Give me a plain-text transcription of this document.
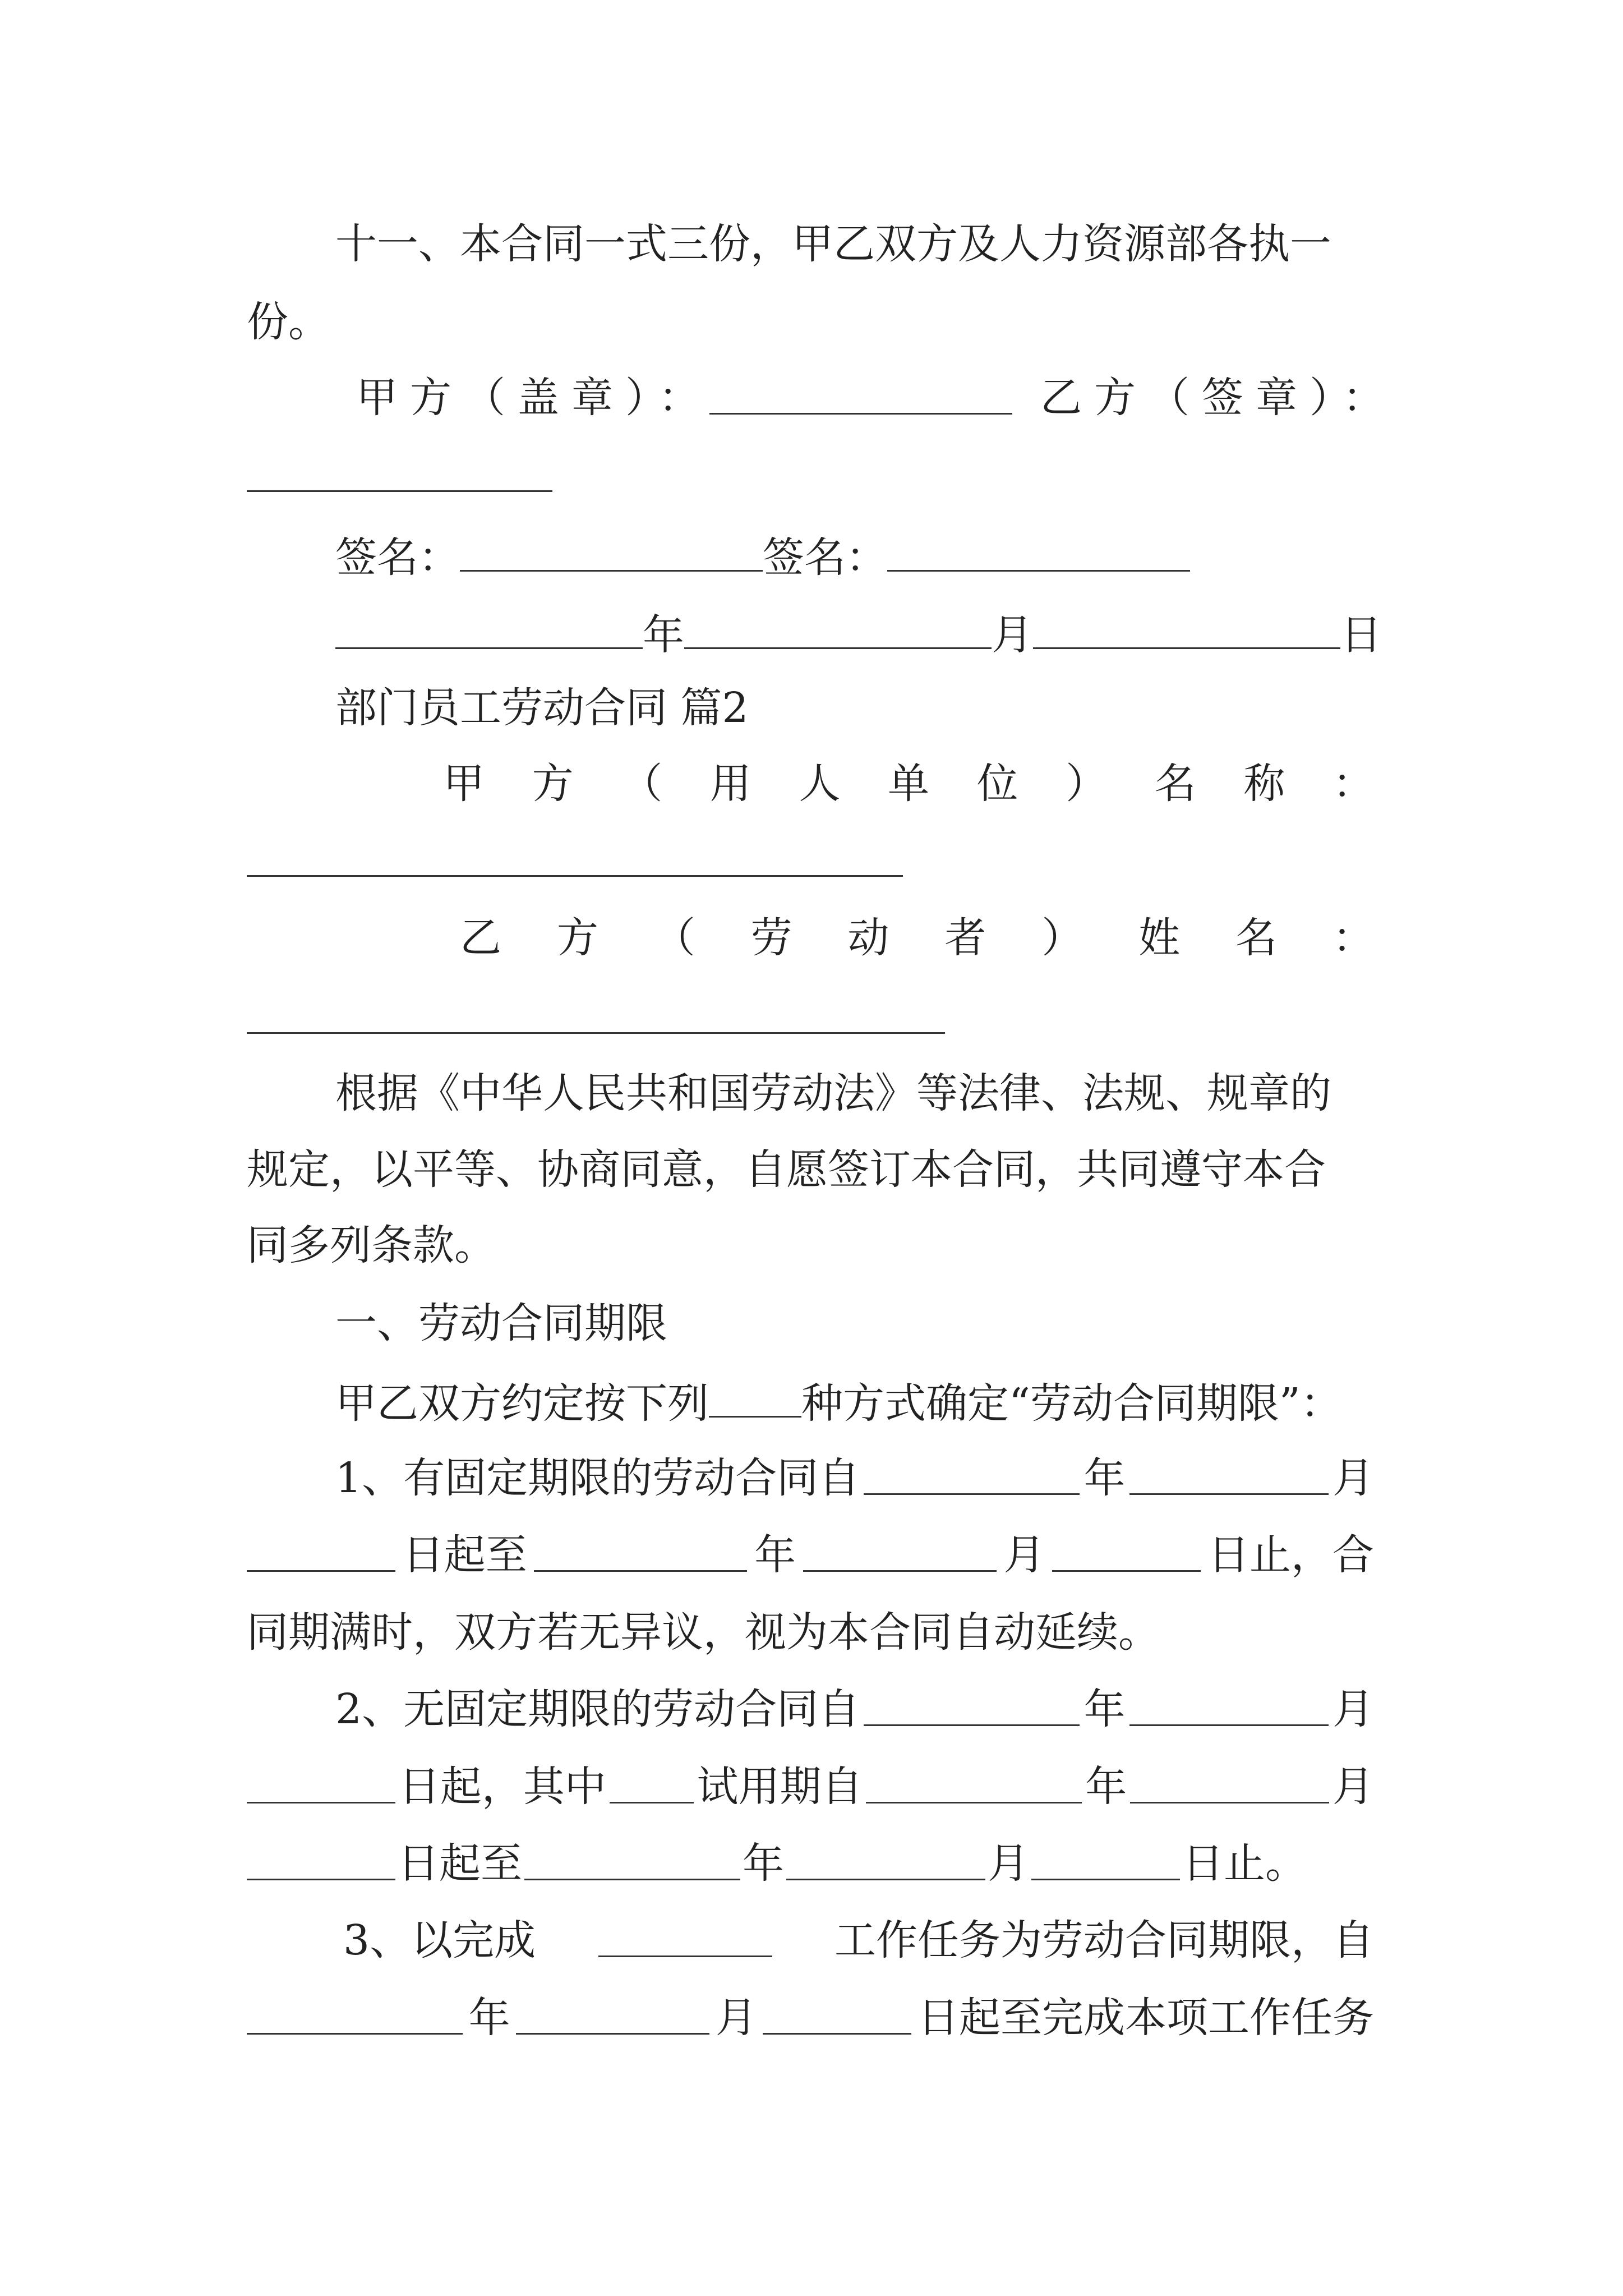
十一、本合同一式三份，甲乙双方及人力资源部各执一
份。
甲方（盖章）：	乙方（签章）：
签名：	签名：
年	月	日
部门员工劳动合同 篇2
甲 方 （ 用 人 单 位 ） 名 称 ：
乙 方 （ 劳 动 者 ） 姓 名 ：
根据《中华人民共和国劳动法》等法律、法规、规章的
规定，以平等、协商同意，自愿签订本合同，共同遵守本合
同多列条款。
一、劳动合同期限
甲乙双方约定按下列 种方式确定“劳动合同期限”：
1、有固定期限的劳动合同自	年	月
日起至	年	月	日止，合
同期满时，双方若无异议，视为本合同自动延续。
2、无固定期限的劳动合同自	年	月
日起，其中 试用期自	年	月
日起至	年	月	日止。
3、以完成	工作任务为劳动合同期限，自
年	月	日起至完成本项工作任务
